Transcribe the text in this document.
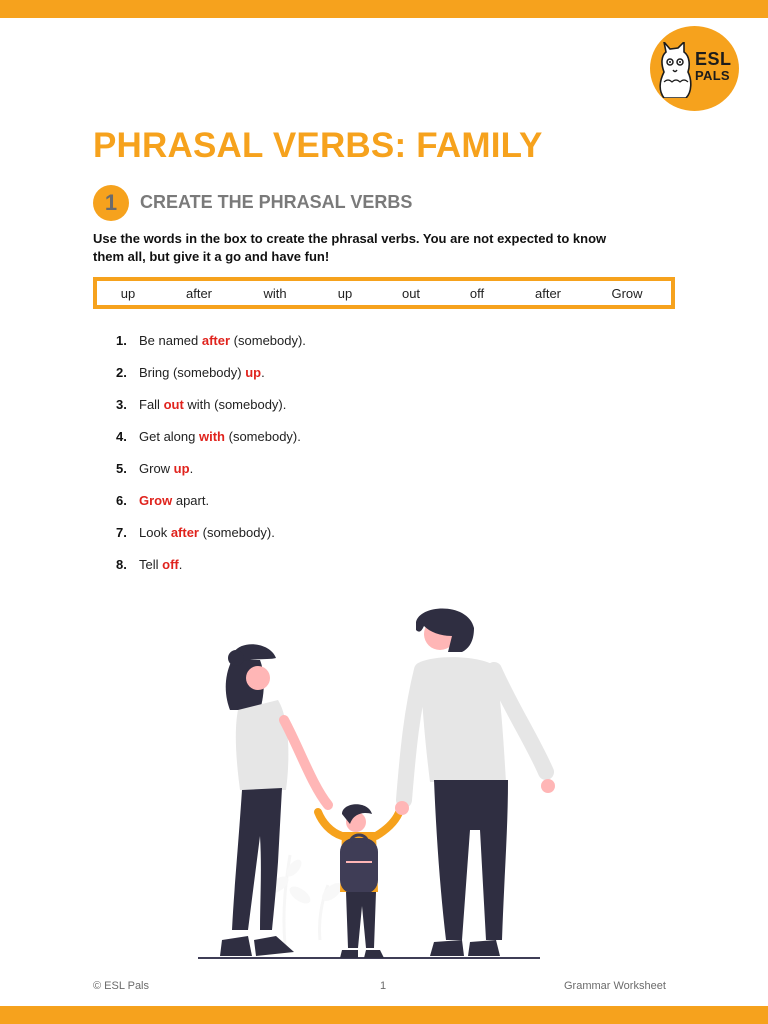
ESL
PALS
PHRASAL VERBS: FAMILY
1	CREATE THE PHRASAL VERBS
Use the words in the box to create the phrasal verbs. You are not expected to know
them all, but give it a go and have fun!
up	after	with	up	out	off	after	Grow
1. Be named after (somebody).
2. Bring (somebody) up.
3. Fall out with (somebody).
4. Get along with (somebody).
5. Grow up.
6. Grow apart.
7. Look after (somebody).
8. Tell off.
© ESL Pals	1	Grammar Worksheet
